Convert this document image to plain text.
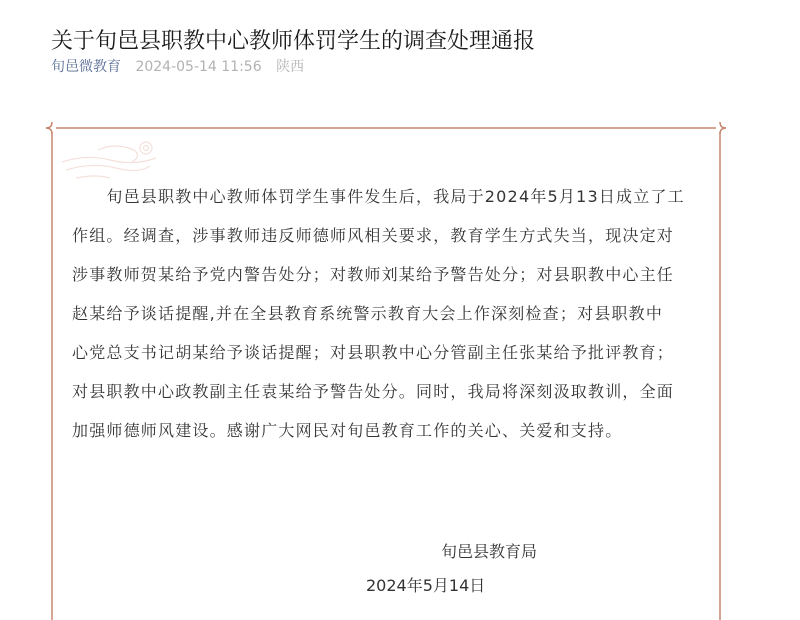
关于旬邑县职教中心教师体罚学生的调查处理通报
旬邑微教育 2024-05-14 11:56 陕西

　　旬邑县职教中心教师体罚学生事件发生后，我局于2024年5月13日成立了工
作组。经调查，涉事教师违反师德师风相关要求，教育学生方式失当，现决定对
涉事教师贺某给予党内警告处分；对教师刘某给予警告处分；对县职教中心主任
赵某给予谈话提醒,并在全县教育系统警示教育大会上作深刻检查；对县职教中
心党总支书记胡某给予谈话提醒；对县职教中心分管副主任张某给予批评教育；
对县职教中心政教副主任袁某给予警告处分。同时，我局将深刻汲取教训，全面
加强师德师风建设。感谢广大网民对旬邑教育工作的关心、关爱和支持。

旬邑县教育局
2024年5月14日
